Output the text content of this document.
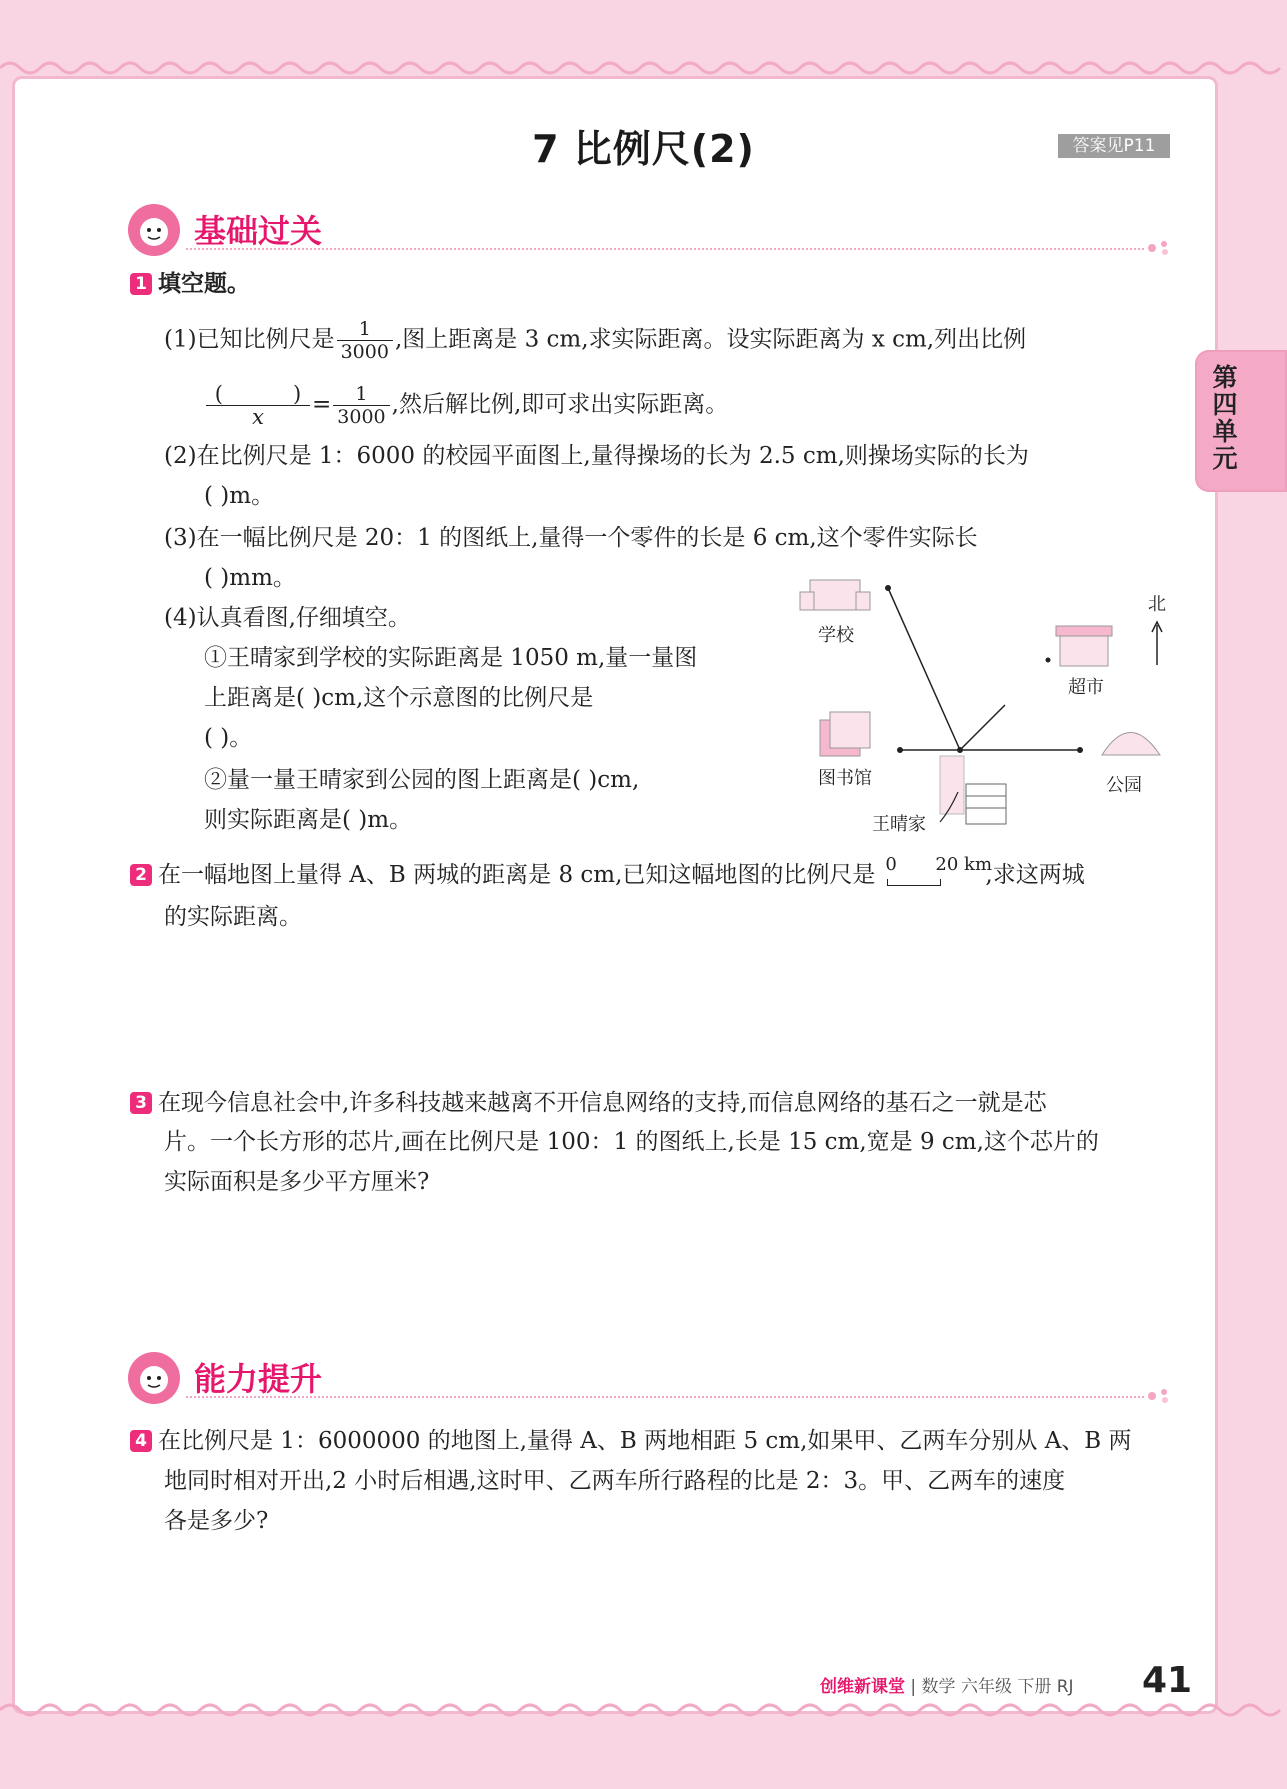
7 比例尺(2)	答案见P11
第四单元
基础过关
1 填空题。
(1)已知比例尺是 $\frac{1}{3000}$ ,图上距离是 3 cm,求实际距离。设实际距离为 x cm,列出比例
(	)
$x = \frac{1}{3000}$ ,然后解比例,即可求出实际距离。
(2)在比例尺是 1：6000 的校园平面图上,量得操场的长为 2.5 cm,则操场实际的长为
( )m。
(3)在一幅比例尺是 20：1 的图纸上,量得一个零件的长是 6 cm,这个零件实际长
( )mm。
(4)认真看图,仔细填空。
①王晴家到学校的实际距离是 1050 m,量一量图
上距离是( )cm,这个示意图的比例尺是
( )。
②量一量王晴家到公园的图上距离是( )cm,
则实际距离是( )m。
学校
北
超市
图书馆	公园
王晴家
2 在一幅地图上量得 A、B 两城的距离是 8 cm,已知这幅地图的比例尺是 0 20 km
,求这两城
的实际距离。
3 在现今信息社会中,许多科技越来越离不开信息网络的支持,而信息网络的基石之一就是芯
片。一个长方形的芯片,画在比例尺是 100：1 的图纸上,长是 15 cm,宽是 9 cm,这个芯片的
实际面积是多少平方厘米?
能力提升
4 在比例尺是 1：6000000 的地图上,量得 A、B 两地相距 5 cm,如果甲、乙两车分别从 A、B 两
地同时相对开出,2 小时后相遇,这时甲、乙两车所行路程的比是 2：3。甲、乙两车的速度
各是多少?
创维新课堂 | 数学 六年级 下册 RJ 41
